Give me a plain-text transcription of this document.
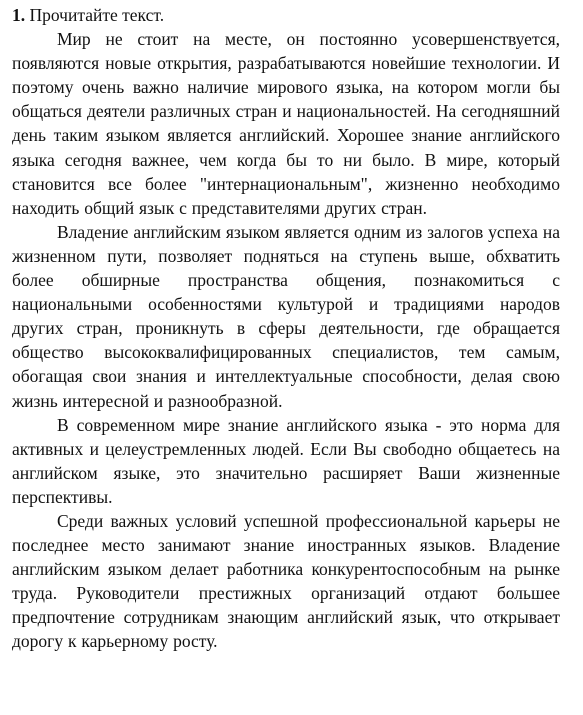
1. Прочитайте текст.

Мир не стоит на месте, он постоянно усовершенствуется, появляются новые открытия, разрабатываются новейшие технологии. И поэтому очень важно наличие мирового языка, на котором могли бы общаться деятели различных стран и национальностей. На сегодняшний день таким языком является английский. Хорошее знание английского языка сегодня важнее, чем когда бы то ни было. В мире, который становится все более "интернациональным", жизненно необходимо находить общий язык с представителями других стран.

Владение английским языком является одним из залогов успеха на жизненном пути, позволяет подняться на ступень выше, обхватить более обширные пространства общения, познакомиться с национальными особенностями культурой и традициями народов других стран, проникнуть в сферы деятельности, где обращается общество высококвалифицированных специалистов, тем самым, обогащая свои знания и интеллектуальные способности, делая свою жизнь интересной и разнообразной.

В современном мире знание английского языка - это норма для активных и целеустремленных людей. Если Вы свободно общаетесь на английском языке, это значительно расширяет Ваши жизненные перспективы.

Среди важных условий успешной профессиональной карьеры не последнее место занимают знание иностранных языков. Владение английским языком делает работника конкурентоспособным на рынке труда. Руководители престижных организаций отдают большее предпочтение сотрудникам знающим английский язык, что открывает дорогу к карьерному росту.
